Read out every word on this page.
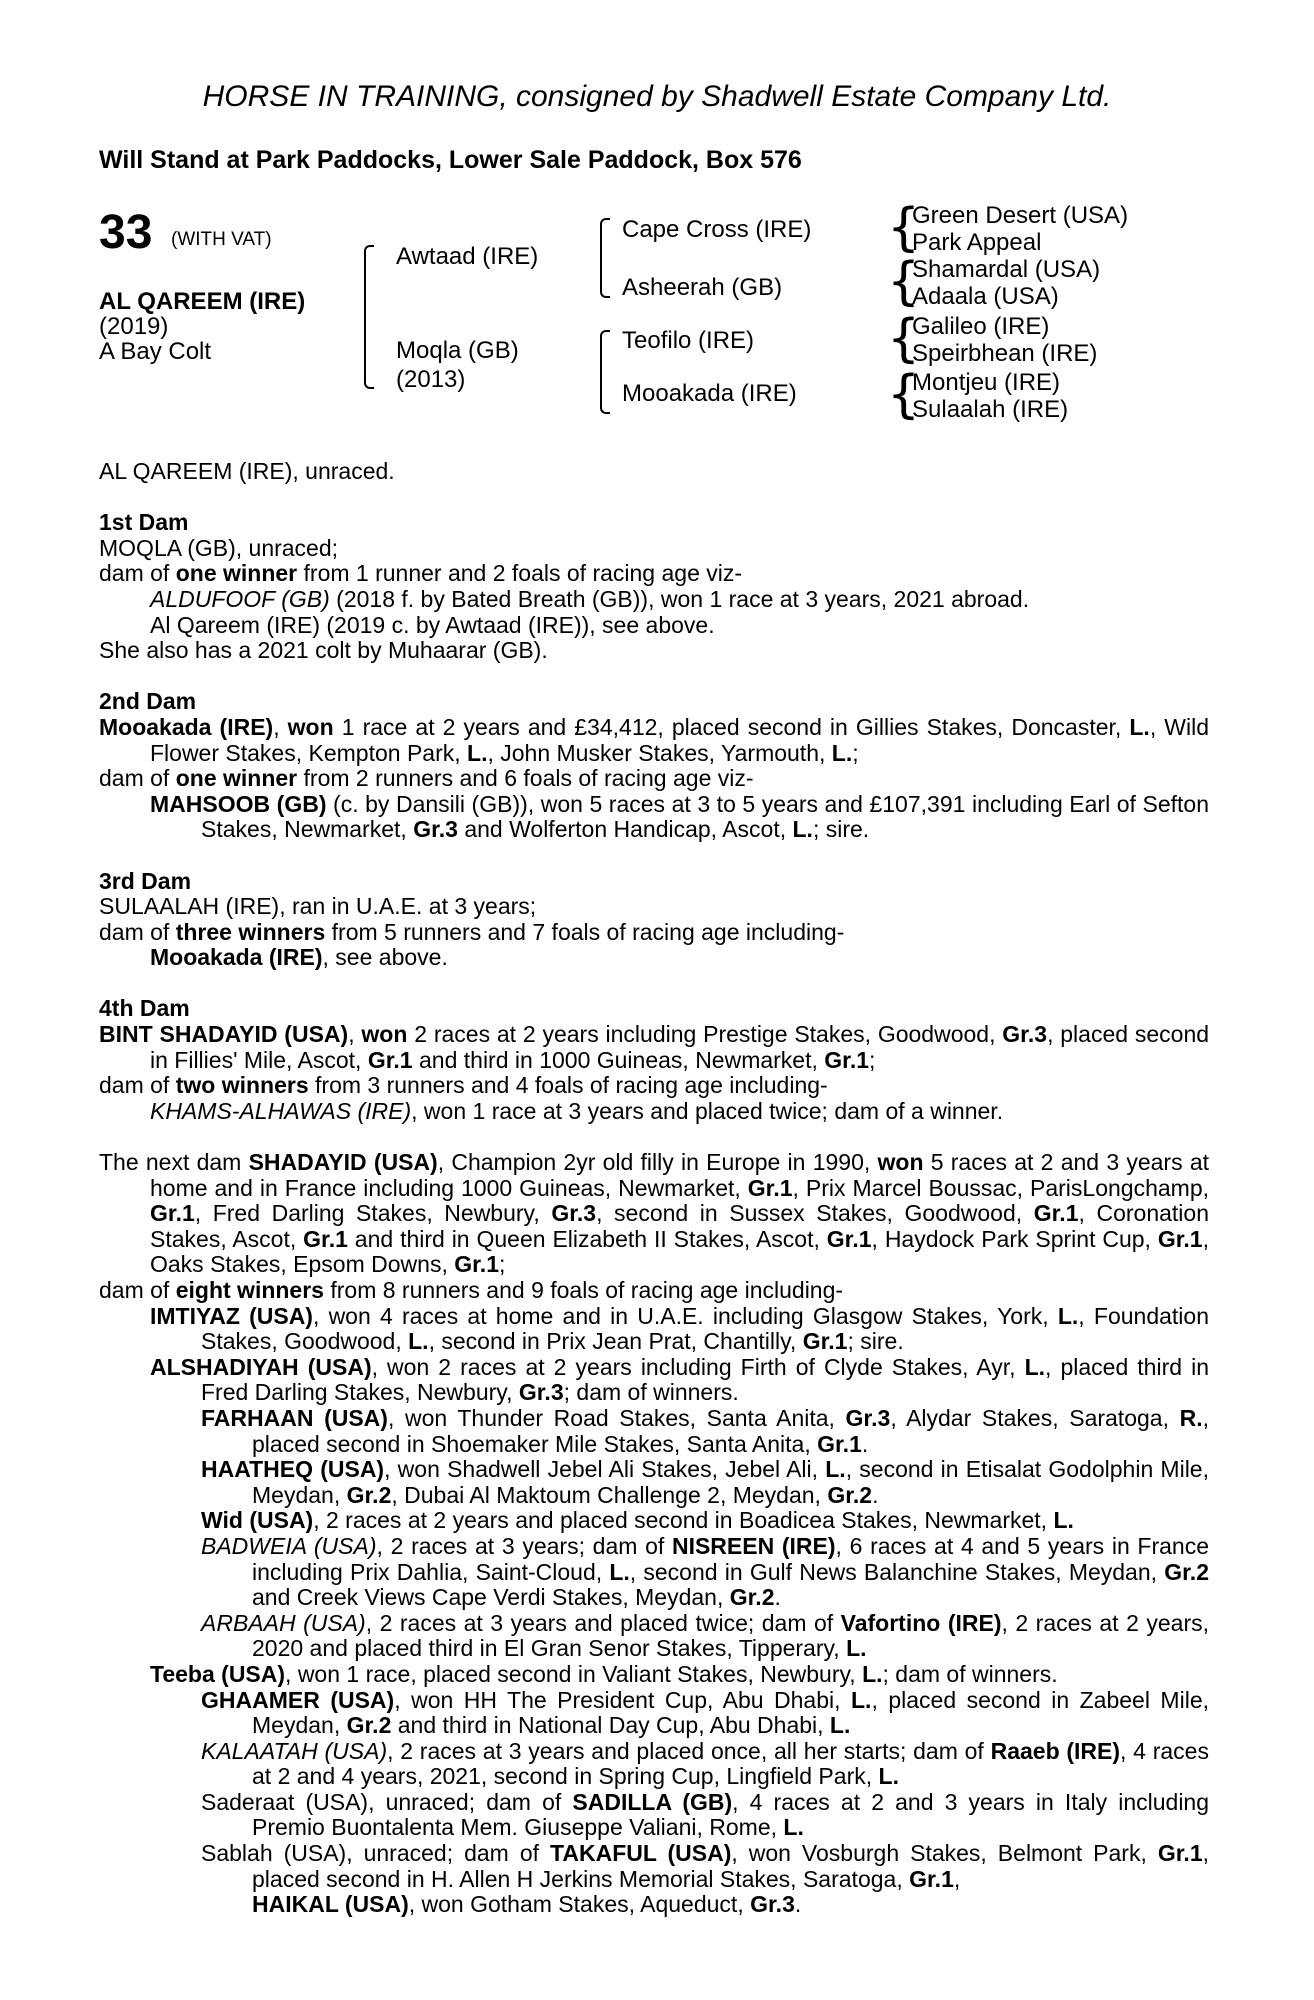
HORSE IN TRAINING, consigned by Shadwell Estate Company Ltd.
Will Stand at Park Paddocks, Lower Sale Paddock, Box 576
33 (WITH VAT)
AL QAREEM (IRE)
(2019)
A Bay Colt
Awtaad (IRE)
Moqla (GB)
(2013)
Cape Cross (IRE)
Asheerah (GB)
Teofilo (IRE)
Mooakada (IRE)
{
Green Desert (USA)
Park Appeal
{
Shamardal (USA)
Adaala (USA)
{
Galileo (IRE)
Speirbhean (IRE)
{
Montjeu (IRE)
Sulaalah (IRE)

AL QAREEM (IRE), unraced.

1st Dam

MOQLA (GB), unraced;

dam of one winner from 1 runner and 2 foals of racing age viz-

ALDUFOOF (GB) (2018 f. by Bated Breath (GB)), won 1 race at 3 years, 2021 abroad.

Al Qareem (IRE) (2019 c. by Awtaad (IRE)), see above.

She also has a 2021 colt by Muhaarar (GB).

2nd Dam

Mooakada (IRE), won 1 race at 2 years and £34,412, placed second in Gillies Stakes, Doncaster, L., Wild Flower Stakes, Kempton Park, L., John Musker Stakes, Yarmouth, L.;

dam of one winner from 2 runners and 6 foals of racing age viz-

MAHSOOB (GB) (c. by Dansili (GB)), won 5 races at 3 to 5 years and £107,391 including Earl of Sefton Stakes, Newmarket, Gr.3 and Wolferton Handicap, Ascot, L.; sire.

3rd Dam

SULAALAH (IRE), ran in U.A.E. at 3 years;

dam of three winners from 5 runners and 7 foals of racing age including-

Mooakada (IRE), see above.

4th Dam

BINT SHADAYID (USA), won 2 races at 2 years including Prestige Stakes, Goodwood, Gr.3, placed second in Fillies' Mile, Ascot, Gr.1 and third in 1000 Guineas, Newmarket, Gr.1;

dam of two winners from 3 runners and 4 foals of racing age including-

KHAMS-ALHAWAS (IRE), won 1 race at 3 years and placed twice; dam of a winner.

The next dam SHADAYID (USA), Champion 2yr old filly in Europe in 1990, won 5 races at 2 and 3 years at home and in France including 1000 Guineas, Newmarket, Gr.1, Prix Marcel Boussac, ParisLongchamp, Gr.1, Fred Darling Stakes, Newbury, Gr.3, second in Sussex Stakes, Goodwood, Gr.1, Coronation Stakes, Ascot, Gr.1 and third in Queen Elizabeth II Stakes, Ascot, Gr.1, Haydock Park Sprint Cup, Gr.1, Oaks Stakes, Epsom Downs, Gr.1;

dam of eight winners from 8 runners and 9 foals of racing age including-

IMTIYAZ (USA), won 4 races at home and in U.A.E. including Glasgow Stakes, York, L., Foundation Stakes, Goodwood, L., second in Prix Jean Prat, Chantilly, Gr.1; sire.

ALSHADIYAH (USA), won 2 races at 2 years including Firth of Clyde Stakes, Ayr, L., placed third in Fred Darling Stakes, Newbury, Gr.3; dam of winners.

FARHAAN (USA), won Thunder Road Stakes, Santa Anita, Gr.3, Alydar Stakes, Saratoga, R., placed second in Shoemaker Mile Stakes, Santa Anita, Gr.1.

HAATHEQ (USA), won Shadwell Jebel Ali Stakes, Jebel Ali, L., second in Etisalat Godolphin Mile, Meydan, Gr.2, Dubai Al Maktoum Challenge 2, Meydan, Gr.2.

Wid (USA), 2 races at 2 years and placed second in Boadicea Stakes, Newmarket, L.

BADWEIA (USA), 2 races at 3 years; dam of NISREEN (IRE), 6 races at 4 and 5 years in France including Prix Dahlia, Saint-Cloud, L., second in Gulf News Balanchine Stakes, Meydan, Gr.2 and Creek Views Cape Verdi Stakes, Meydan, Gr.2.

ARBAAH (USA), 2 races at 3 years and placed twice; dam of Vafortino (IRE), 2 races at 2 years, 2020 and placed third in El Gran Senor Stakes, Tipperary, L.

Teeba (USA), won 1 race, placed second in Valiant Stakes, Newbury, L.; dam of winners.

GHAAMER (USA), won HH The President Cup, Abu Dhabi, L., placed second in Zabeel Mile, Meydan, Gr.2 and third in National Day Cup, Abu Dhabi, L.

KALAATAH (USA), 2 races at 3 years and placed once, all her starts; dam of Raaeb (IRE), 4 races at 2 and 4 years, 2021, second in Spring Cup, Lingfield Park, L.

Saderaat (USA), unraced; dam of SADILLA (GB), 4 races at 2 and 3 years in Italy including Premio Buontalenta Mem. Giuseppe Valiani, Rome, L.

Sablah (USA), unraced; dam of TAKAFUL (USA), won Vosburgh Stakes, Belmont Park, Gr.1, placed second in H. Allen H Jerkins Memorial Stakes, Saratoga, Gr.1,

HAIKAL (USA), won Gotham Stakes, Aqueduct, Gr.3.
